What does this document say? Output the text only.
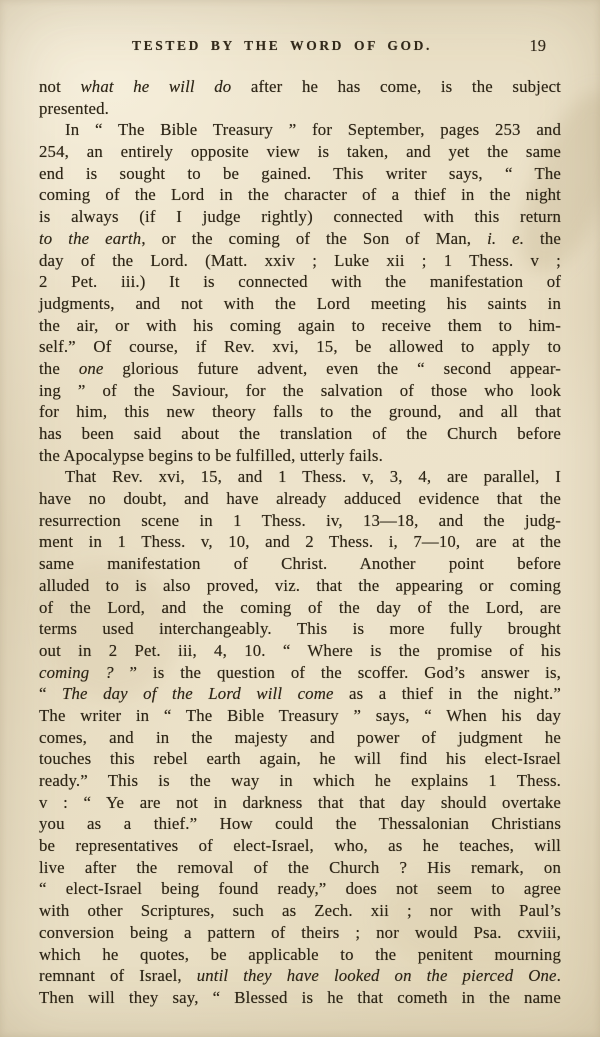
TESTED BY THE WORD OF GOD.	19
not what he will do after he has come, is the subject
presented.
In “ The Bible Treasury ” for September, pages 253 and
254, an entirely opposite view is taken, and yet the same
end is sought to be gained. This writer says, “ The
coming of the Lord in the character of a thief in the night
is always (if I judge rightly) connected with this return
to the earth, or the coming of the Son of Man, i. e. the
day of the Lord. (Matt. xxiv ; Luke xii ; 1 Thess. v ;
2 Pet. iii.) It is connected with the manifestation of
judgments, and not with the Lord meeting his saints in
the air, or with his coming again to receive them to him-
self.” Of course, if Rev. xvi, 15, be allowed to apply to
the one glorious future advent, even the “ second appear-
ing ” of the Saviour, for the salvation of those who look
for him, this new theory falls to the ground, and all that
has been said about the translation of the Church before
the Apocalypse begins to be fulfilled, utterly fails.
That Rev. xvi, 15, and 1 Thess. v, 3, 4, are parallel, I
have no doubt, and have already adduced evidence that the
resurrection scene in 1 Thess. iv, 13—18, and the judg-
ment in 1 Thess. v, 10, and 2 Thess. i, 7—10, are at the
same manifestation of Christ. Another point before
alluded to is also proved, viz. that the appearing or coming
of the Lord, and the coming of the day of the Lord, are
terms used interchangeably. This is more fully brought
out in 2 Pet. iii, 4, 10. “ Where is the promise of his
coming ? ” is the question of the scoffer. God’s answer is,
“ The day of the Lord will come as a thief in the night.”
The writer in “ The Bible Treasury ” says, “ When his day
comes, and in the majesty and power of judgment he
touches this rebel earth again, he will find his elect-Israel
ready.” This is the way in which he explains 1 Thess.
v : “ Ye are not in darkness that that day should overtake
you as a thief.” How could the Thessalonian Christians
be representatives of elect-Israel, who, as he teaches, will
live after the removal of the Church ? His remark, on
“ elect-Israel being found ready,” does not seem to agree
with other Scriptures, such as Zech. xii ; nor with Paul’s
conversion being a pattern of theirs ; nor would Psa. cxviii,
which he quotes, be applicable to the penitent mourning
remnant of Israel, until they have looked on the pierced One.
Then will they say, “ Blessed is he that cometh in the name
